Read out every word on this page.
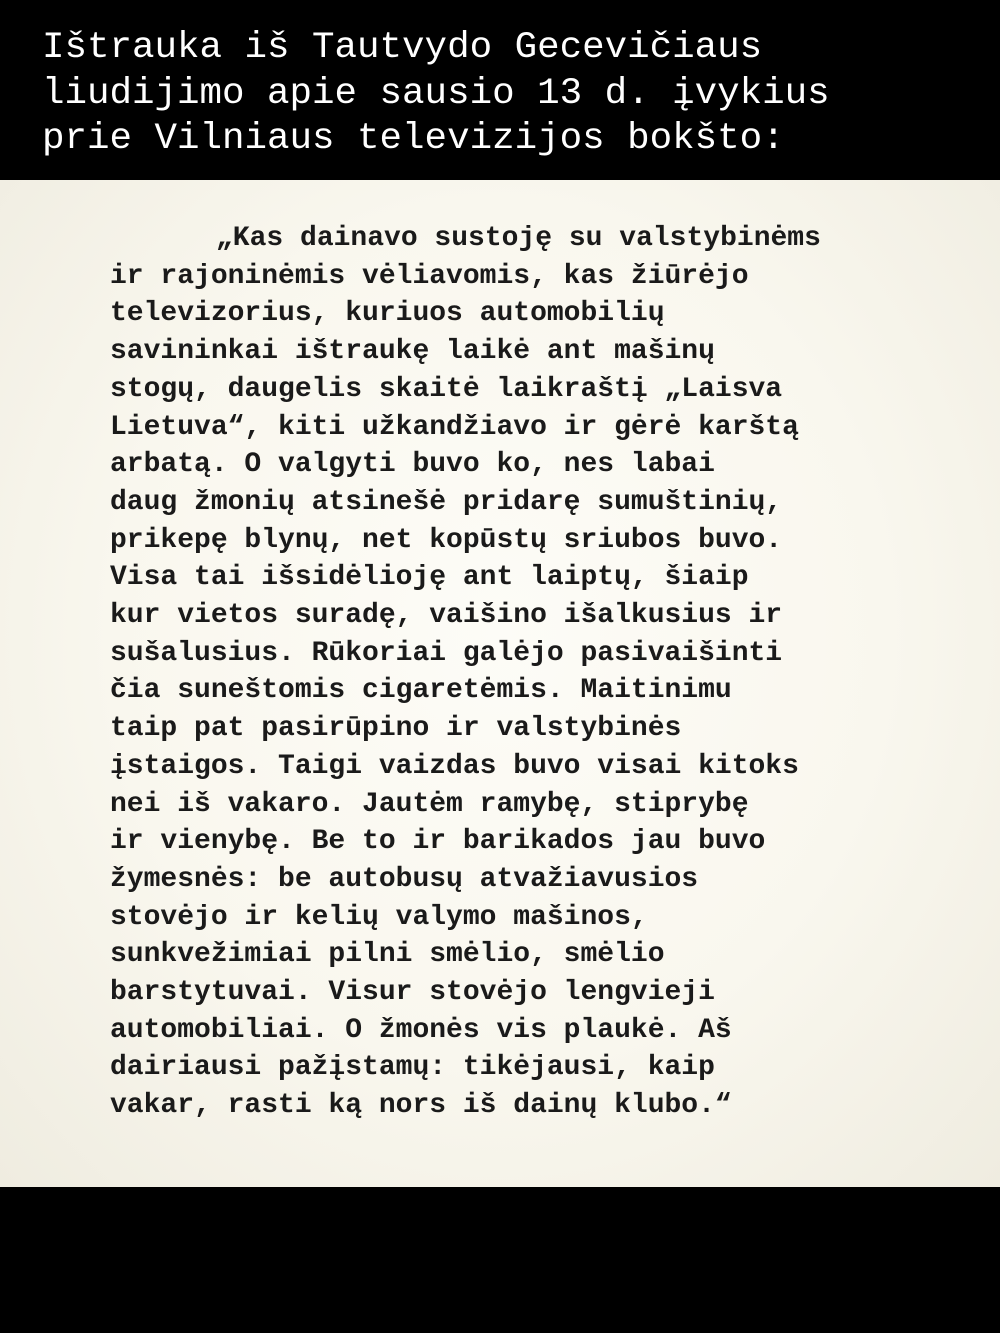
Ištrauka iš Tautvydo Gecevičiaus
liudijimo apie sausio 13 d. įvykius
prie Vilniaus televizijos bokšto:

„Kas dainavo sustoję su valstybinėms
ir rajoninėmis vėliavomis, kas žiūrėjo
televizorius, kuriuos automobilių
savininkai ištraukę laikė ant mašinų
stogų, daugelis skaitė laikraštį „Laisva
Lietuva“, kiti užkandžiavo ir gėrė karštą
arbatą. O valgyti buvo ko, nes labai
daug žmonių atsinešė pridarę sumuštinių,
prikepę blynų, net kopūstų sriubos buvo.
Visa tai išsidėlioję ant laiptų, šiaip
kur vietos suradę, vaišino išalkusius ir
sušalusius. Rūkoriai galėjo pasivaišinti
čia suneštomis cigaretėmis. Maitinimu
taip pat pasirūpino ir valstybinės
įstaigos. Taigi vaizdas buvo visai kitoks
nei iš vakaro. Jautėm ramybę, stiprybę
ir vienybę. Be to ir barikados jau buvo
žymesnės: be autobusų atvažiavusios
stovėjo ir kelių valymo mašinos,
sunkvežimiai pilni smėlio, smėlio
barstytuvai. Visur stovėjo lengvieji
automobiliai. O žmonės vis plaukė. Aš
dairiausi pažįstamų: tikėjausi, kaip
vakar, rasti ką nors iš dainų klubo.“
